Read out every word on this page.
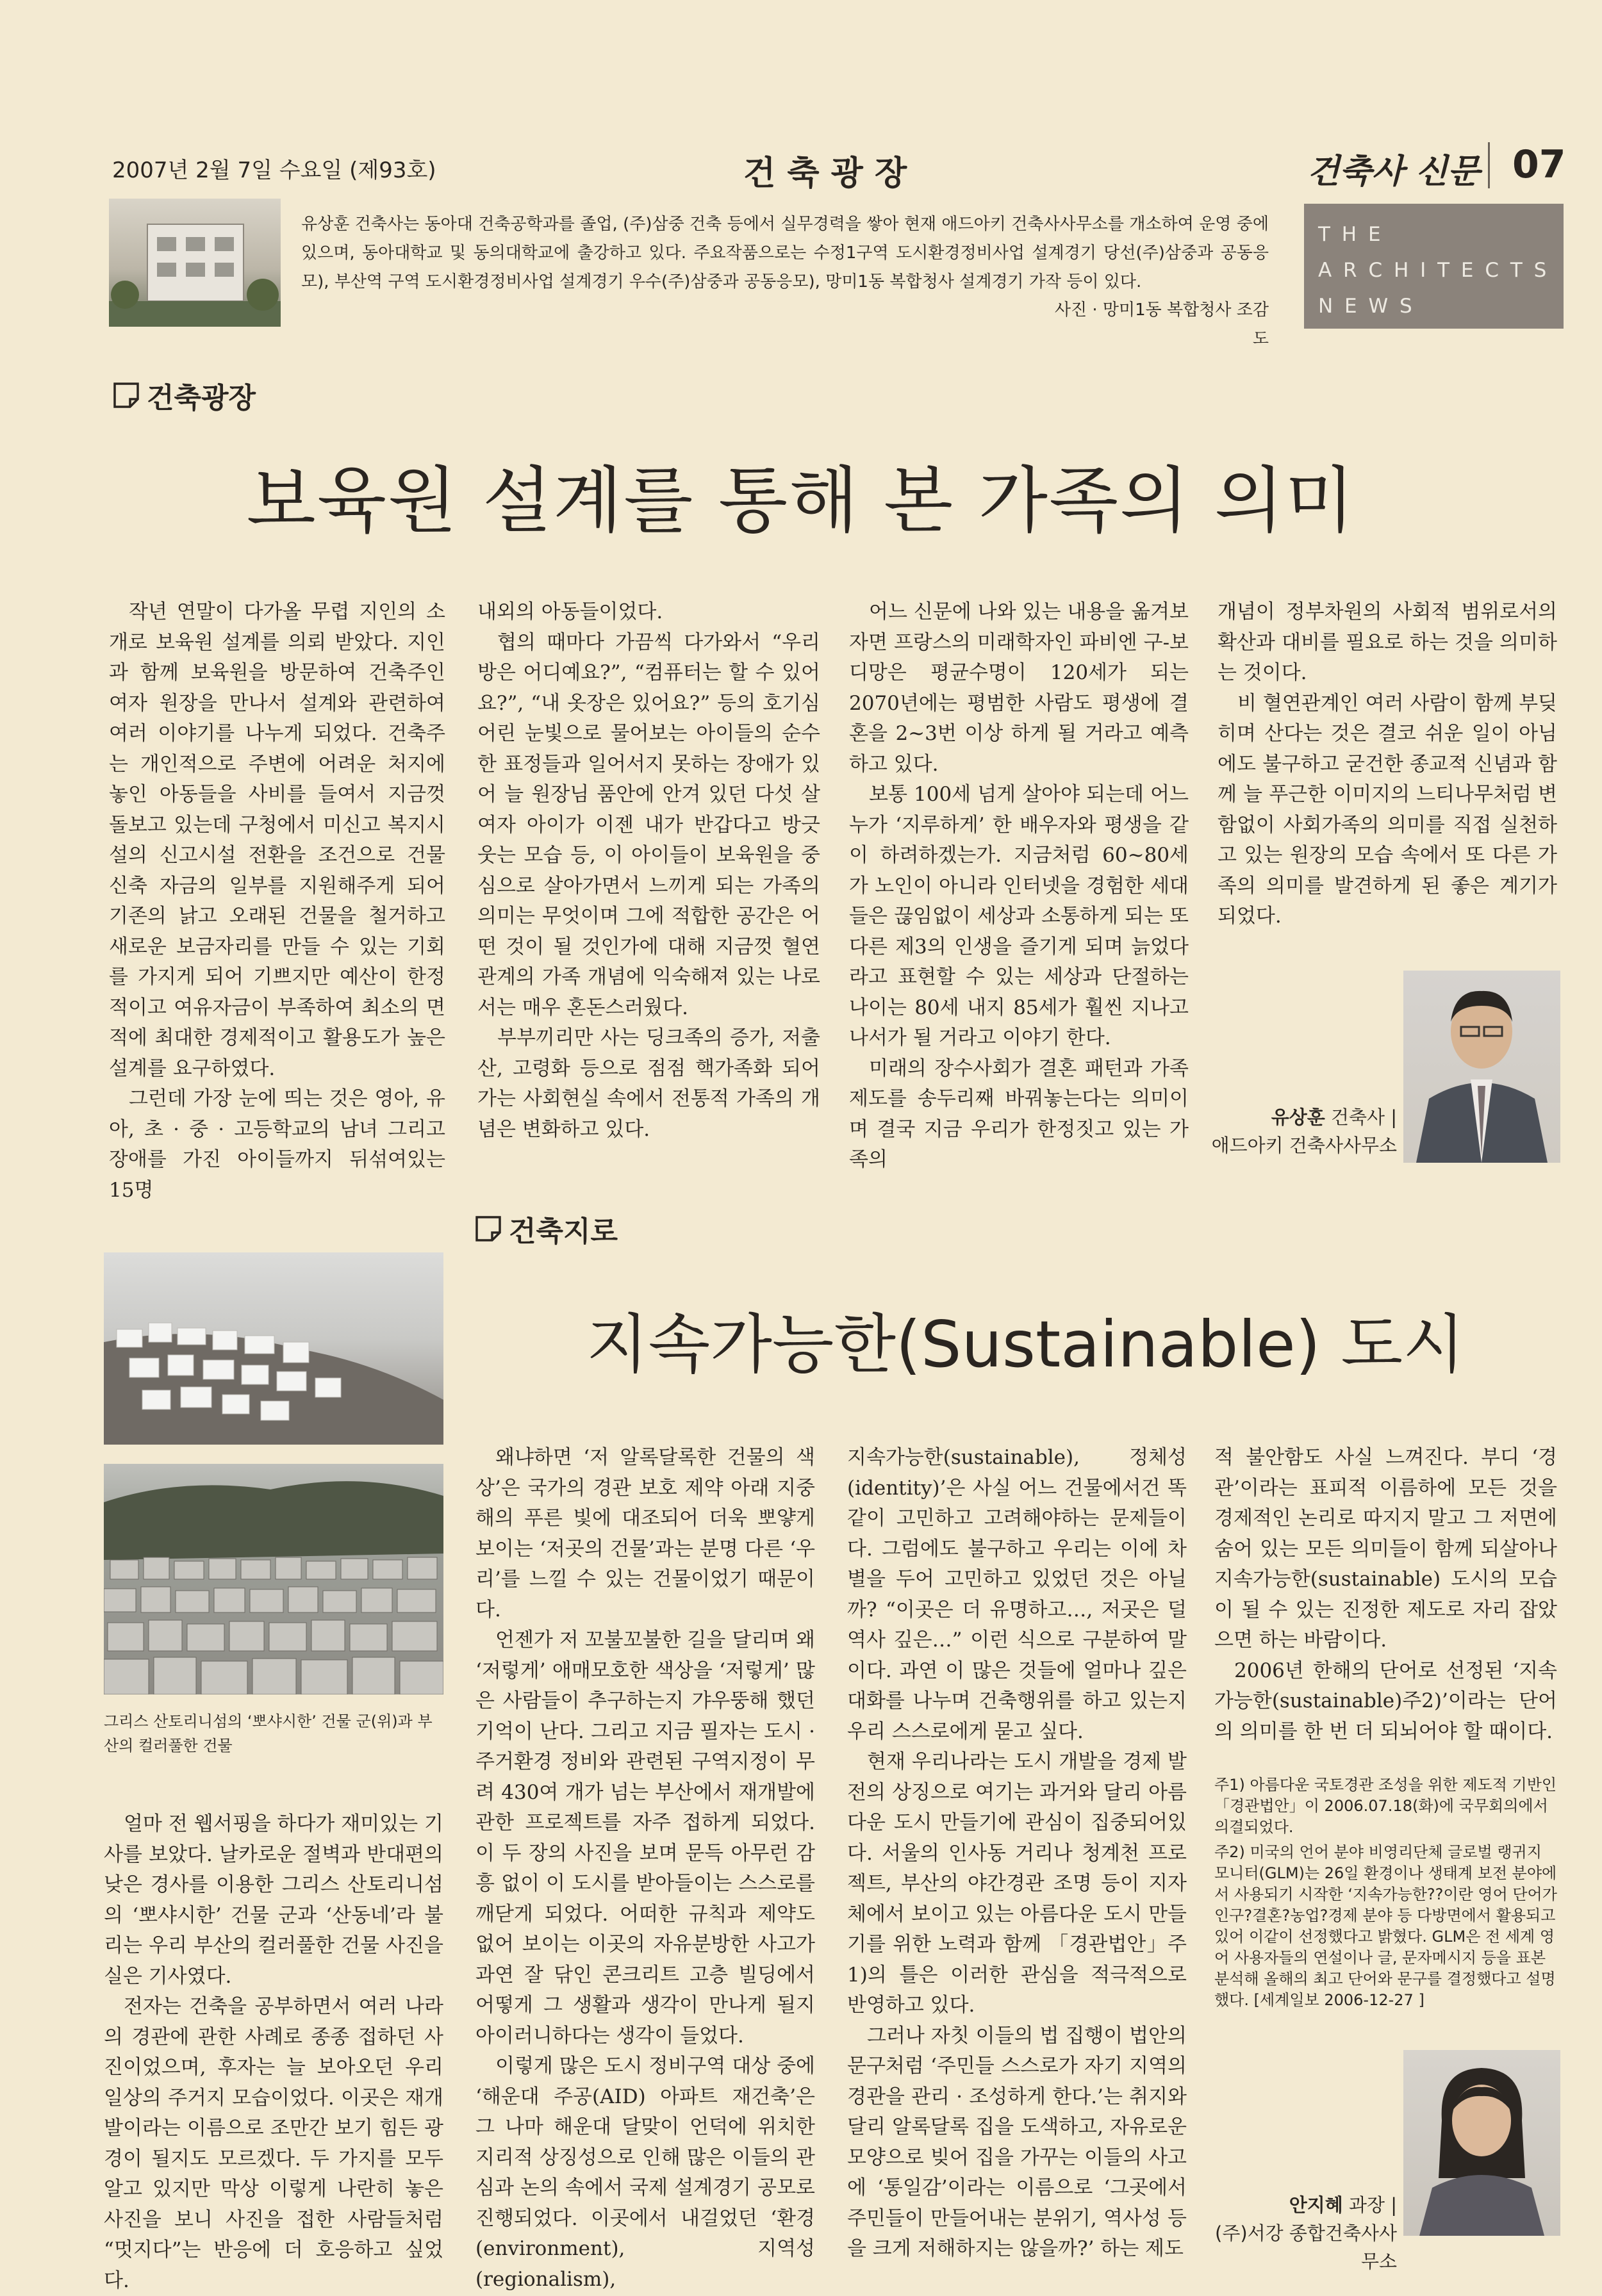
2007년 2월 7일 수요일 (제93호)	건 축 광 장	건축사 신문 07
유상훈 건축사는 동아대 건축공학과를 졸업, (주)삼중 건축 등에서 실무경력을 쌓아 현재 애드아키 건축사사무소를 개소하여 운영 중에 있으며, 동아대학교 및 동의대학교에 출강하고 있다. 주요작품으로는 수정1구역 도시환경정비사업 설계경기 당선(주)삼중과 공동응모), 부산역 구역 도시환경정비사업 설계경기 우수(주)삼중과 공동응모), 망미1동 복합청사 설계경기 가작 등이 있다.
사진 · 망미1동 복합청사 조감도
T H E
A R C H I T E C T S
N E W S
건축광장
보육원 설계를 통해 본 가족의 의미

작년 연말이 다가올 무렵 지인의 소개로 보육원 설계를 의뢰 받았다. 지인과 함께 보육원을 방문하여 건축주인 여자 원장을 만나서 설계와 관련하여 여러 이야기를 나누게 되었다. 건축주는 개인적으로 주변에 어려운 처지에 놓인 아동들을 사비를 들여서 지금껏 돌보고 있는데 구청에서 미신고 복지시설의 신고시설 전환을 조건으로 건물 신축 자금의 일부를 지원해주게 되어 기존의 낡고 오래된 건물을 철거하고 새로운 보금자리를 만들 수 있는 기회를 가지게 되어 기쁘지만 예산이 한정적이고 여유자금이 부족하여 최소의 면적에 최대한 경제적이고 활용도가 높은 설계를 요구하였다.

그런데 가장 눈에 띄는 것은 영아, 유아, 초 · 중 · 고등학교의 남녀 그리고 장애를 가진 아이들까지 뒤섞여있는 15명

내외의 아동들이었다.

협의 때마다 가끔씩 다가와서 “우리 방은 어디예요?”, “컴퓨터는 할 수 있어요?”, “내 옷장은 있어요?” 등의 호기심 어린 눈빛으로 물어보는 아이들의 순수한 표정들과 일어서지 못하는 장애가 있어 늘 원장님 품안에 안겨 있던 다섯 살 여자 아이가 이젠 내가 반갑다고 방긋 웃는 모습 등, 이 아이들이 보육원을 중심으로 살아가면서 느끼게 되는 가족의 의미는 무엇이며 그에 적합한 공간은 어떤 것이 될 것인가에 대해 지금껏 혈연관계의 가족 개념에 익숙해져 있는 나로서는 매우 혼돈스러웠다.

부부끼리만 사는 딩크족의 증가, 저출산, 고령화 등으로 점점 핵가족화 되어가는 사회현실 속에서 전통적 가족의 개념은 변화하고 있다.

어느 신문에 나와 있는 내용을 옮겨보자면 프랑스의 미래학자인 파비엔 구-보디망은 평균수명이 120세가 되는 2070년에는 평범한 사람도 평생에 결혼을 2~3번 이상 하게 될 거라고 예측하고 있다.

보통 100세 넘게 살아야 되는데 어느 누가 ‘지루하게’ 한 배우자와 평생을 같이 하려하겠는가. 지금처럼 60~80세가 노인이 아니라 인터넷을 경험한 세대들은 끊임없이 세상과 소통하게 되는 또 다른 제3의 인생을 즐기게 되며 늙었다라고 표현할 수 있는 세상과 단절하는 나이는 80세 내지 85세가 훨씬 지나고 나서가 될 거라고 이야기 한다.

미래의 장수사회가 결혼 패턴과 가족 제도를 송두리째 바꿔놓는다는 의미이며 결국 지금 우리가 한정짓고 있는 가족의

개념이 정부차원의 사회적 범위로서의 확산과 대비를 필요로 하는 것을 의미하는 것이다.

비 혈연관계인 여러 사람이 함께 부딪히며 산다는 것은 결코 쉬운 일이 아님에도 불구하고 굳건한 종교적 신념과 함께 늘 푸근한 이미지의 느티나무처럼 변함없이 사회가족의 의미를 직접 실천하고 있는 원장의 모습 속에서 또 다른 가족의 의미를 발견하게 된 좋은 계기가 되었다.

유상훈 건축사 |
애드아키 건축사사무소
건축지로
지속가능한(Sustainable) 도시
그리스 산토리니섬의 ‘뽀샤시한’ 건물 군(위)과 부산의 컬러풀한 건물

얼마 전 웹서핑을 하다가 재미있는 기사를 보았다. 날카로운 절벽과 반대편의 낮은 경사를 이용한 그리스 산토리니섬의 ‘뽀샤시한’ 건물 군과 ‘산동네’라 불리는 우리 부산의 컬러풀한 건물 사진을 실은 기사였다.

전자는 건축을 공부하면서 여러 나라의 경관에 관한 사례로 종종 접하던 사진이었으며, 후자는 늘 보아오던 우리 일상의 주거지 모습이었다. 이곳은 재개발이라는 이름으로 조만간 보기 힘든 광경이 될지도 모르겠다. 두 가지를 모두 알고 있지만 막상 이렇게 나란히 놓은 사진을 보니 사진을 접한 사람들처럼 “멋지다”는 반응에 더 호응하고 싶었다.

왜냐하면 ‘저 알록달록한 건물의 색상’은 국가의 경관 보호 제약 아래 지중해의 푸른 빛에 대조되어 더욱 뽀얗게 보이는 ‘저곳의 건물’과는 분명 다른 ‘우리’를 느낄 수 있는 건물이었기 때문이다.

언젠가 저 꼬불꼬불한 길을 달리며 왜 ‘저렇게’ 애매모호한 색상을 ‘저렇게’ 많은 사람들이 추구하는지 갸우뚱해 했던 기억이 난다. 그리고 지금 필자는 도시 · 주거환경 정비와 관련된 구역지정이 무려 430여 개가 넘는 부산에서 재개발에 관한 프로젝트를 자주 접하게 되었다. 이 두 장의 사진을 보며 문득 아무런 감흥 없이 이 도시를 받아들이는 스스로를 깨닫게 되었다. 어떠한 규칙과 제약도 없어 보이는 이곳의 자유분방한 사고가 과연 잘 닦인 콘크리트 고층 빌딩에서 어떻게 그 생활과 생각이 만나게 될지 아이러니하다는 생각이 들었다.

이렇게 많은 도시 정비구역 대상 중에 ‘해운대 주공(AID) 아파트 재건축’은 그 나마 해운대 달맞이 언덕에 위치한 지리적 상징성으로 인해 많은 이들의 관심과 논의 속에서 국제 설계경기 공모로 진행되었다. 이곳에서 내걸었던 ‘환경(environment), 지역성(regionalism),

지속가능한(sustainable), 정체성(identity)’은 사실 어느 건물에서건 똑같이 고민하고 고려해야하는 문제들이다. 그럼에도 불구하고 우리는 이에 차별을 두어 고민하고 있었던 것은 아닐까? “이곳은 더 유명하고…, 저곳은 덜 역사 깊은…” 이런 식으로 구분하여 말이다. 과연 이 많은 것들에 얼마나 깊은 대화를 나누며 건축행위를 하고 있는지 우리 스스로에게 묻고 싶다.

현재 우리나라는 도시 개발을 경제 발전의 상징으로 여기는 과거와 달리 아름다운 도시 만들기에 관심이 집중되어있다. 서울의 인사동 거리나 청계천 프로젝트, 부산의 야간경관 조명 등이 지자체에서 보이고 있는 아름다운 도시 만들기를 위한 노력과 함께 「경관법안」주1)의 틀은 이러한 관심을 적극적으로 반영하고 있다.

그러나 자칫 이들의 법 집행이 법안의 문구처럼 ‘주민들 스스로가 자기 지역의 경관을 관리 · 조성하게 한다.’는 취지와 달리 알록달록 집을 도색하고, 자유로운 모양으로 빚어 집을 가꾸는 이들의 사고에 ‘통일감’이라는 이름으로 ‘그곳에서 주민들이 만들어내는 분위기, 역사성 등을 크게 저해하지는 않을까?’ 하는 제도

적 불안함도 사실 느껴진다. 부디 ‘경관’이라는 표피적 이름하에 모든 것을 경제적인 논리로 따지지 말고 그 저면에 숨어 있는 모든 의미들이 함께 되살아나 지속가능한(sustainable) 도시의 모습이 될 수 있는 진정한 제도로 자리 잡았으면 하는 바람이다.

2006년 한해의 단어로 선정된 ‘지속가능한(sustainable)주2)’이라는 단어의 의미를 한 번 더 되뇌어야 할 때이다.

주1) 아름다운 국토경관 조성을 위한 제도적 기반인 「경관법안」이 2006.07.18(화)에 국무회의에서 의결되었다.
주2) 미국의 언어 분야 비영리단체 글로벌 랭귀지 모니터(GLM)는 26일 환경이나 생태계 보전 분야에서 사용되기 시작한 ‘지속가능한??이란 영어 단어가 인구?결혼?농업?경제 분야 등 다방면에서 활용되고 있어 이같이 선정했다고 밝혔다. GLM은 전 세계 영어 사용자들의 연설이나 글, 문자메시지 등을 표본 분석해 올해의 최고 단어와 문구를 결정했다고 설명했다. [세계일보 2006-12-27 ]
안지혜 과장 |
(주)서강 종합건축사사무소
